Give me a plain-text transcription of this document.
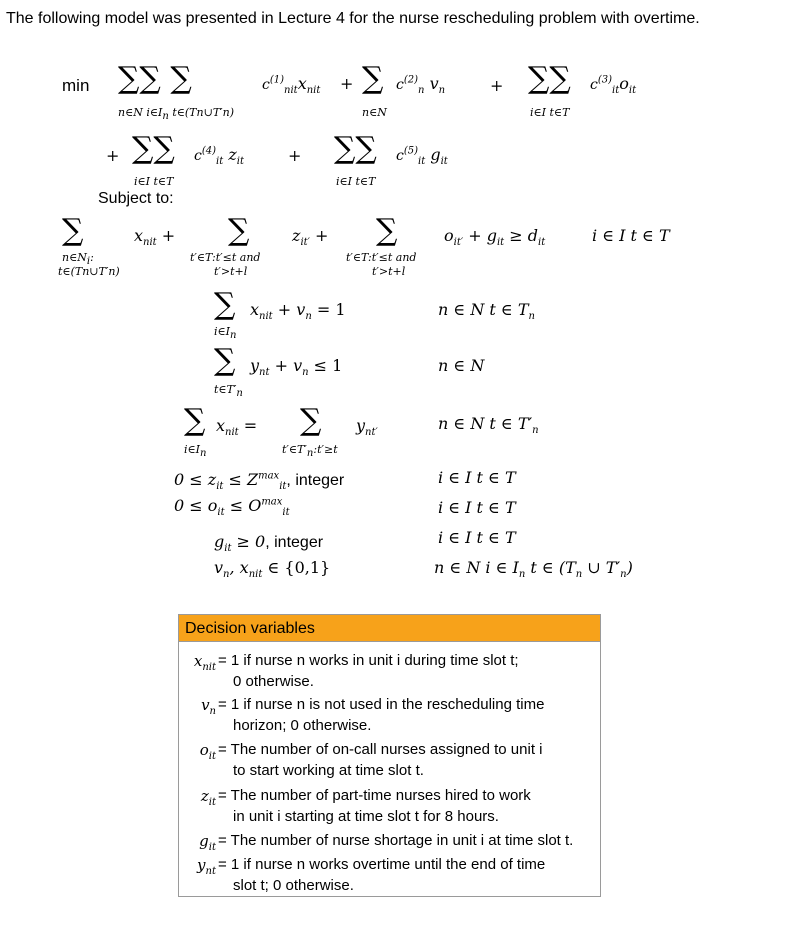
The following model was presented in Lecture 4 for the nurse rescheduling problem with overtime.
min ∑∑ ∑
n∈N $i\in I_n$ t∈(Tn∪T′n)
$c^{(1)}_{nit}x_{nit}$ + ∑
n∈N
$c^{(2)}_n$ $v_n$	+ ∑∑
i∈I t∈T
$c^{(3)}_{it}o_{it}$
+ ∑∑
i∈I t∈T
$c^{(4)}_{it}$ $z_{it}$	+ ∑∑
i∈I t∈T
$c^{(5)}_{it}$ $g_{it}$
Subject to:
∑
$n\in N_i$:
t∈(Tn∪T′n)
$x_{nit}$ + ∑
t′∈T:t′≤t and
t′>t+l
$z_{it'}$ + ∑
t′∈T:t′≤t and
t′>t+l
$o_{it'} + g_{it} \ge d_{it}$	i ∈ I t ∈ T
∑
$i\in I_n$
$x_{nit} + v_n = 1$	n ∈ N t ∈ $T_n$
∑
$t\in T'_n$
$y_{nt} + v_n \le 1$	n ∈ N
∑
$i\in I_n$
$x_{nit}$ = ∑
$t'\in T'_n:t'\ge t$
$y_{nt'}$	n ∈ N t ∈ $T'_n$
$0 \le z_{it} \le Z^{max}_{it}$, integer	i ∈ I t ∈ T
$0 \le o_{it} \le O^{max}_{it}$	i ∈ I t ∈ T
$g_{it} \ge 0$, integer	i ∈ I t ∈ T
$v_n$, $x_{nit}$ ∈ {0,1}	n ∈ N i ∈ $I_n$ t ∈ ($T_n$ ∪ $T'_n$)
Decision variables
$x_{nit} = 1$ if nurse n works in unit i during time slot t;
0 otherwise.
$v_n = 1$ if nurse n is not used in the rescheduling time
horizon; 0 otherwise.
$o_{it}$ = The number of on-call nurses assigned to unit i
to start working at time slot t.
$z_{it}$ = The number of part-time nurses hired to work
in unit i starting at time slot t for 8 hours.
$g_{it}$ = The number of nurse shortage in unit i at time slot t.
$y_{nt} = 1$ if nurse n works overtime until the end of time
slot t; 0 otherwise.
